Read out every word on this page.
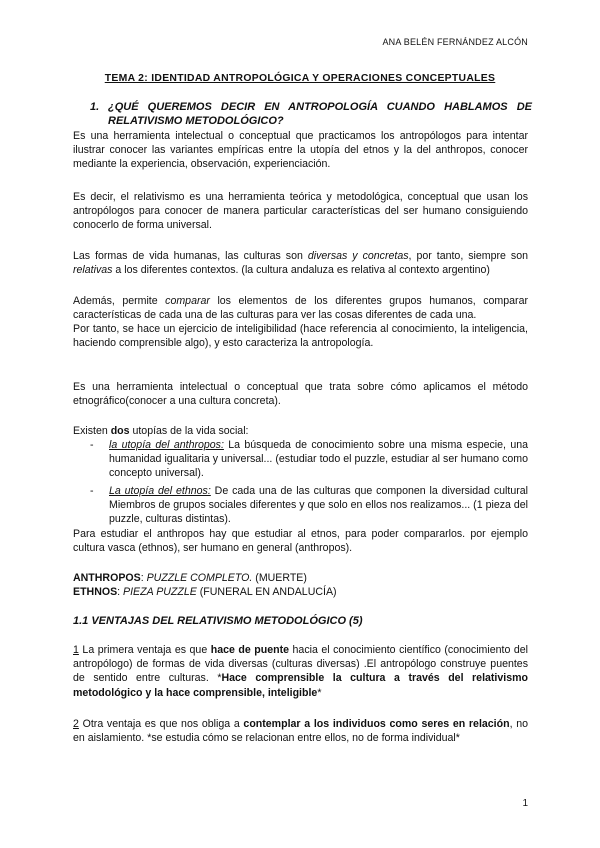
ANA BELÉN FERNÁNDEZ ALCÓN
TEMA 2: IDENTIDAD ANTROPOLÓGICA Y OPERACIONES CONCEPTUALES
1. ¿QUÉ QUEREMOS DECIR EN ANTROPOLOGÍA CUANDO HABLAMOS DE RELATIVISMO METODOLÓGICO?

Es una herramienta intelectual o conceptual que practicamos los antropólogos para intentar ilustrar conocer las variantes empíricas entre la utopía del etnos y la del anthropos, conocer mediante la experiencia, observación, experienciación.

Es decir, el relativismo es una herramienta teórica y metodológica, conceptual que usan los antropólogos para conocer de manera particular características del ser humano consiguiendo conocerlo de forma universal.

Las formas de vida humanas, las culturas son diversas y concretas, por tanto, siempre son relativas a los diferentes contextos. (la cultura andaluza es relativa al contexto argentino)

Además, permite comparar los elementos de los diferentes grupos humanos, comparar características de cada una de las culturas para ver las cosas diferentes de cada una.

Por tanto, se hace un ejercicio de inteligibilidad (hace referencia al conocimiento, la inteligencia, haciendo comprensible algo), y esto caracteriza la antropología.

Es una herramienta intelectual o conceptual que trata sobre cómo aplicamos el método etnográfico(conocer a una cultura concreta).

Existen dos utopías de la vida social:

- la utopía del anthropos: La búsqueda de conocimiento sobre una misma especie, una humanidad igualitaria y universal... (estudiar todo el puzzle, estudiar al ser humano como concepto universal).
- La utopía del ethnos: De cada una de las culturas que componen la diversidad cultural Miembros de grupos sociales diferentes y que solo en ellos nos realizamos... (1 pieza del puzzle, culturas distintas).

Para estudiar el anthropos hay que estudiar al etnos, para poder compararlos. por ejemplo cultura vasca (ethnos), ser humano en general (anthropos).

ANTHROPOS: PUZZLE COMPLETO. (MUERTE)

ETHNOS: PIEZA PUZZLE (FUNERAL EN ANDALUCÍA)

1.1 VENTAJAS DEL RELATIVISMO METODOLÓGICO (5)

1 La primera ventaja es que hace de puente hacia el conocimiento científico (conocimiento del antropólogo) de formas de vida diversas (culturas diversas) .El antropólogo construye puentes de sentido entre culturas. *Hace comprensible la cultura a través del relativismo metodológico y la hace comprensible, inteligible*

2 Otra ventaja es que nos obliga a contemplar a los individuos como seres en relación, no en aislamiento. *se estudia cómo se relacionan entre ellos, no de forma individual*

1
